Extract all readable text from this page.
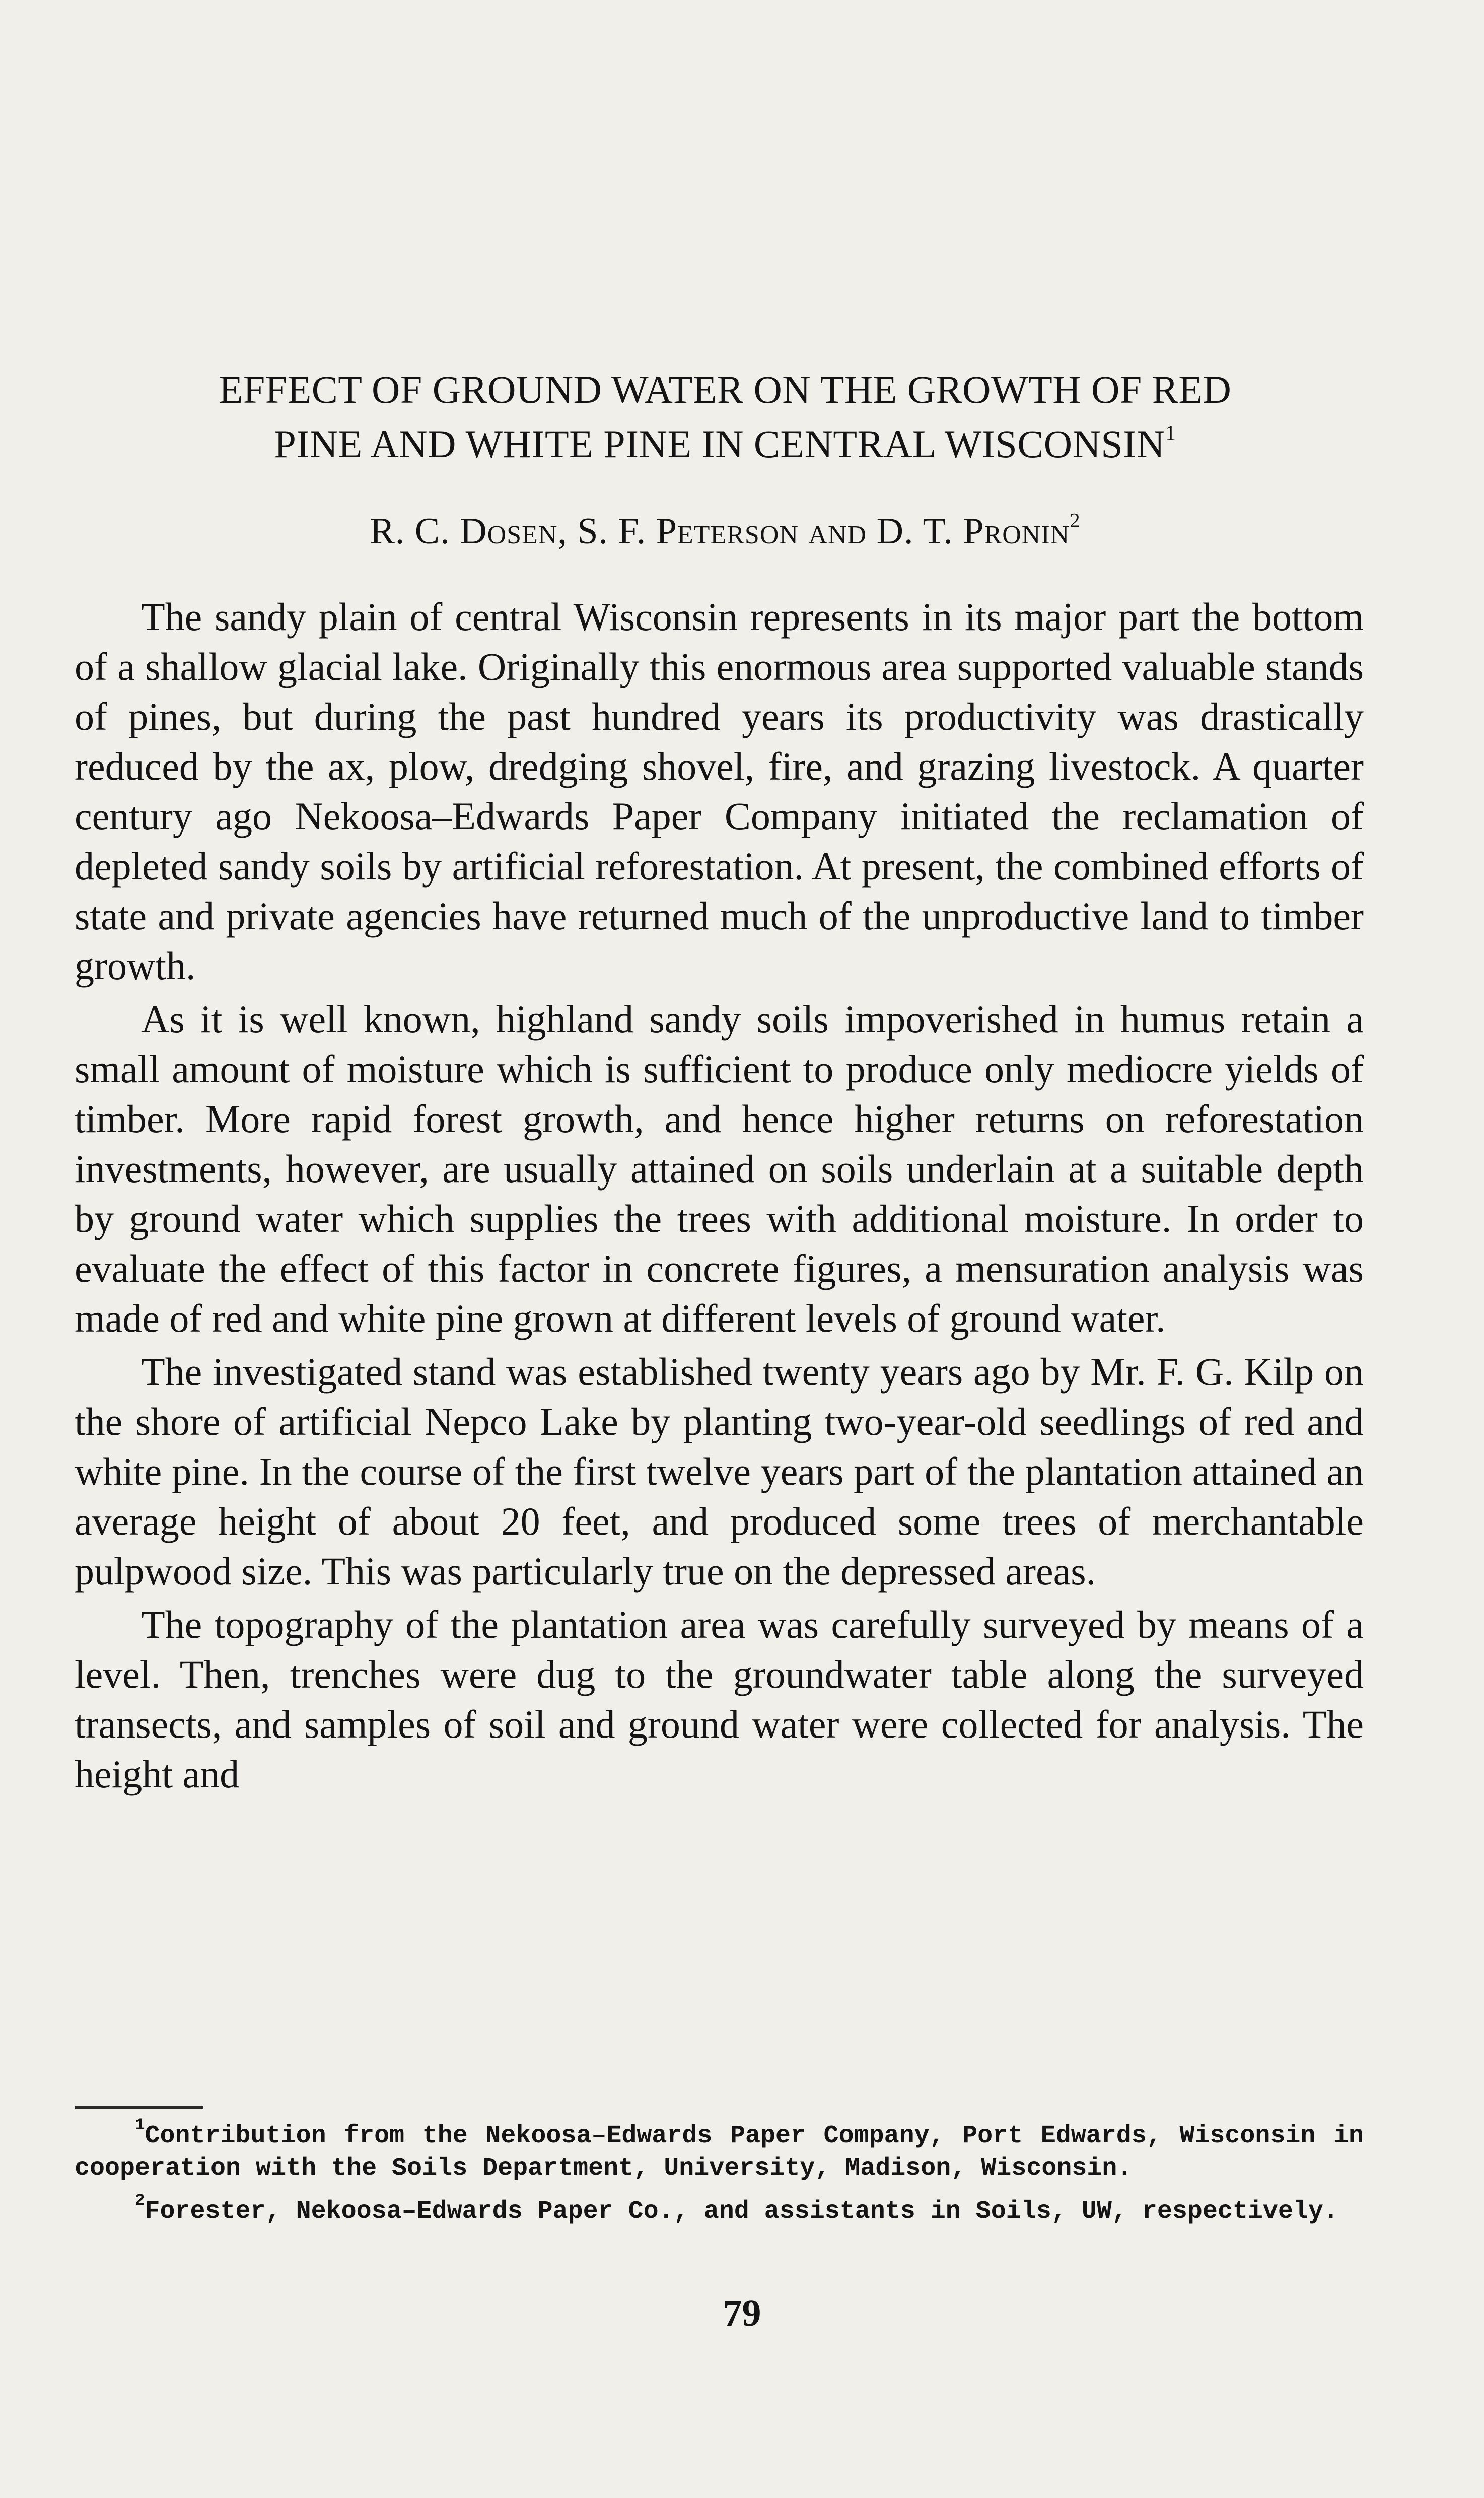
EFFECT OF GROUND WATER ON THE GROWTH OF RED
PINE AND WHITE PINE IN CENTRAL WISCONSIN$^1$
R. C. Dosen, S. F. Peterson and D. T. Pronin$^2$

The sandy plain of central Wisconsin represents in its major part the bottom of a shallow glacial lake. Originally this enormous area supported valuable stands of pines, but during the past hundred years its productivity was drastically reduced by the ax, plow, dredging shovel, fire, and grazing livestock. A quarter century ago Nekoosa–Edwards Paper Company initiated the reclamation of depleted sandy soils by artificial reforestation. At present, the combined efforts of state and private agencies have returned much of the unproductive land to timber growth.

As it is well known, highland sandy soils impoverished in humus retain a small amount of moisture which is sufficient to produce only mediocre yields of timber. More rapid forest growth, and hence higher returns on reforestation investments, however, are usually attained on soils underlain at a suitable depth by ground water which supplies the trees with additional moisture. In order to evaluate the effect of this factor in concrete figures, a mensuration analysis was made of red and white pine grown at different levels of ground water.

The investigated stand was established twenty years ago by Mr. F. G. Kilp on the shore of artificial Nepco Lake by planting two-year-old seedlings of red and white pine. In the course of the first twelve years part of the plantation attained an average height of about 20 feet, and produced some trees of merchantable pulpwood size. This was particularly true on the depressed areas.

The topography of the plantation area was carefully surveyed by means of a level. Then, trenches were dug to the groundwater table along the surveyed transects, and samples of soil and ground water were collected for analysis. The height and

$^1$Contribution from the Nekoosa–Edwards Paper Company, Port Edwards, Wisconsin in cooperation with the Soils Department, University, Madison, Wisconsin.

$^2$Forester, Nekoosa–Edwards Paper Co., and assistants in Soils, UW, respectively.

79
